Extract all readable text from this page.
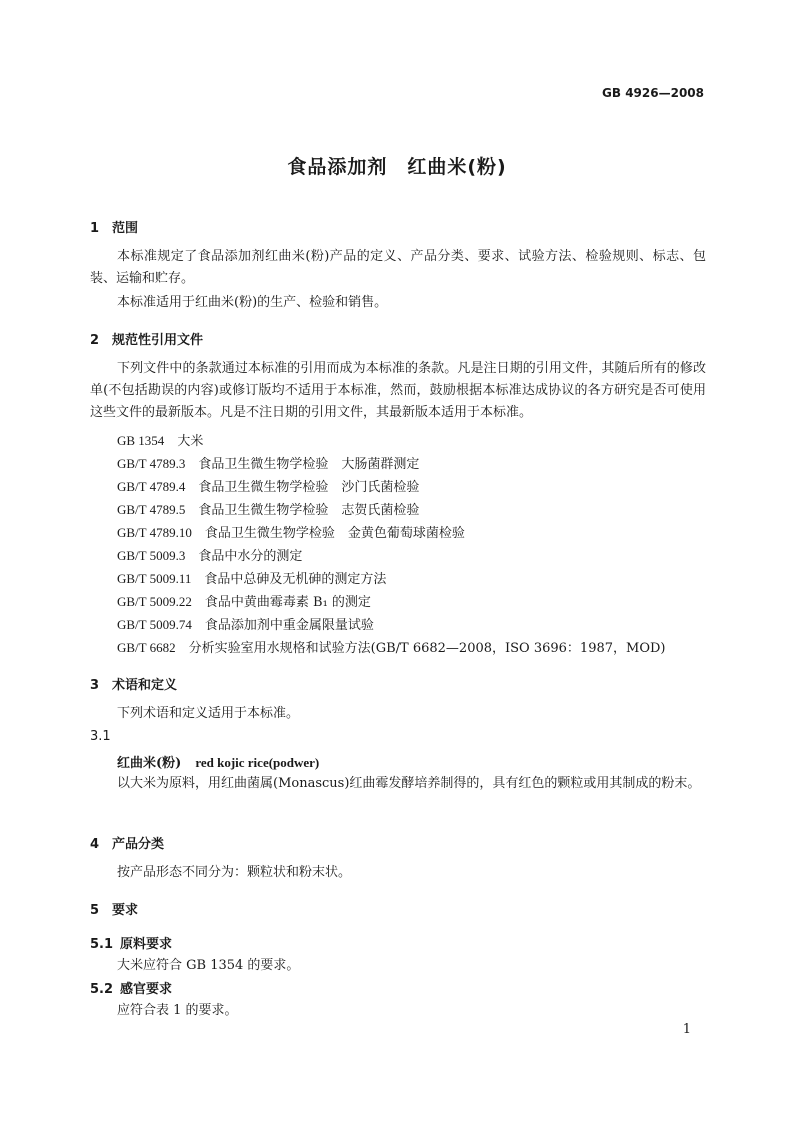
GB 4926—2008
食品添加剂　红曲米(粉)
1 范围
本标准规定了食品添加剂红曲米(粉)产品的定义、产品分类、要求、试验方法、检验规则、标志、包装、运输和贮存。
本标准适用于红曲米(粉)的生产、检验和销售。
2 规范性引用文件
下列文件中的条款通过本标准的引用而成为本标准的条款。凡是注日期的引用文件，其随后所有的修改单(不包括勘误的内容)或修订版均不适用于本标准，然而，鼓励根据本标准达成协议的各方研究是否可使用这些文件的最新版本。凡是不注日期的引用文件，其最新版本适用于本标准。
GB 1354　 大米
GB/T 4789.3　 食品卫生微生物学检验　大肠菌群测定
GB/T 4789.4　 食品卫生微生物学检验　沙门氏菌检验
GB/T 4789.5　 食品卫生微生物学检验　志贺氏菌检验
GB/T 4789.10　 食品卫生微生物学检验　金黄色葡萄球菌检验
GB/T 5009.3　 食品中水分的测定
GB/T 5009.11　 食品中总砷及无机砷的测定方法
GB/T 5009.22　 食品中黄曲霉毒素 B₁ 的测定
GB/T 5009.74　 食品添加剂中重金属限量试验
GB/T 6682　 分析实验室用水规格和试验方法(GB/T 6682—2008，ISO 3696：1987，MOD)
3 术语和定义
下列术语和定义适用于本标准。
3.1
红曲米(粉) red kojic rice(podwer)
以大米为原料，用红曲菌属(Monascus)红曲霉发酵培养制得的，具有红色的颗粒或用其制成的粉末。
4 产品分类
按产品形态不同分为：颗粒状和粉末状。
5 要求
5.1 原料要求
大米应符合 GB 1354 的要求。
5.2 感官要求
应符合表 1 的要求。
1
